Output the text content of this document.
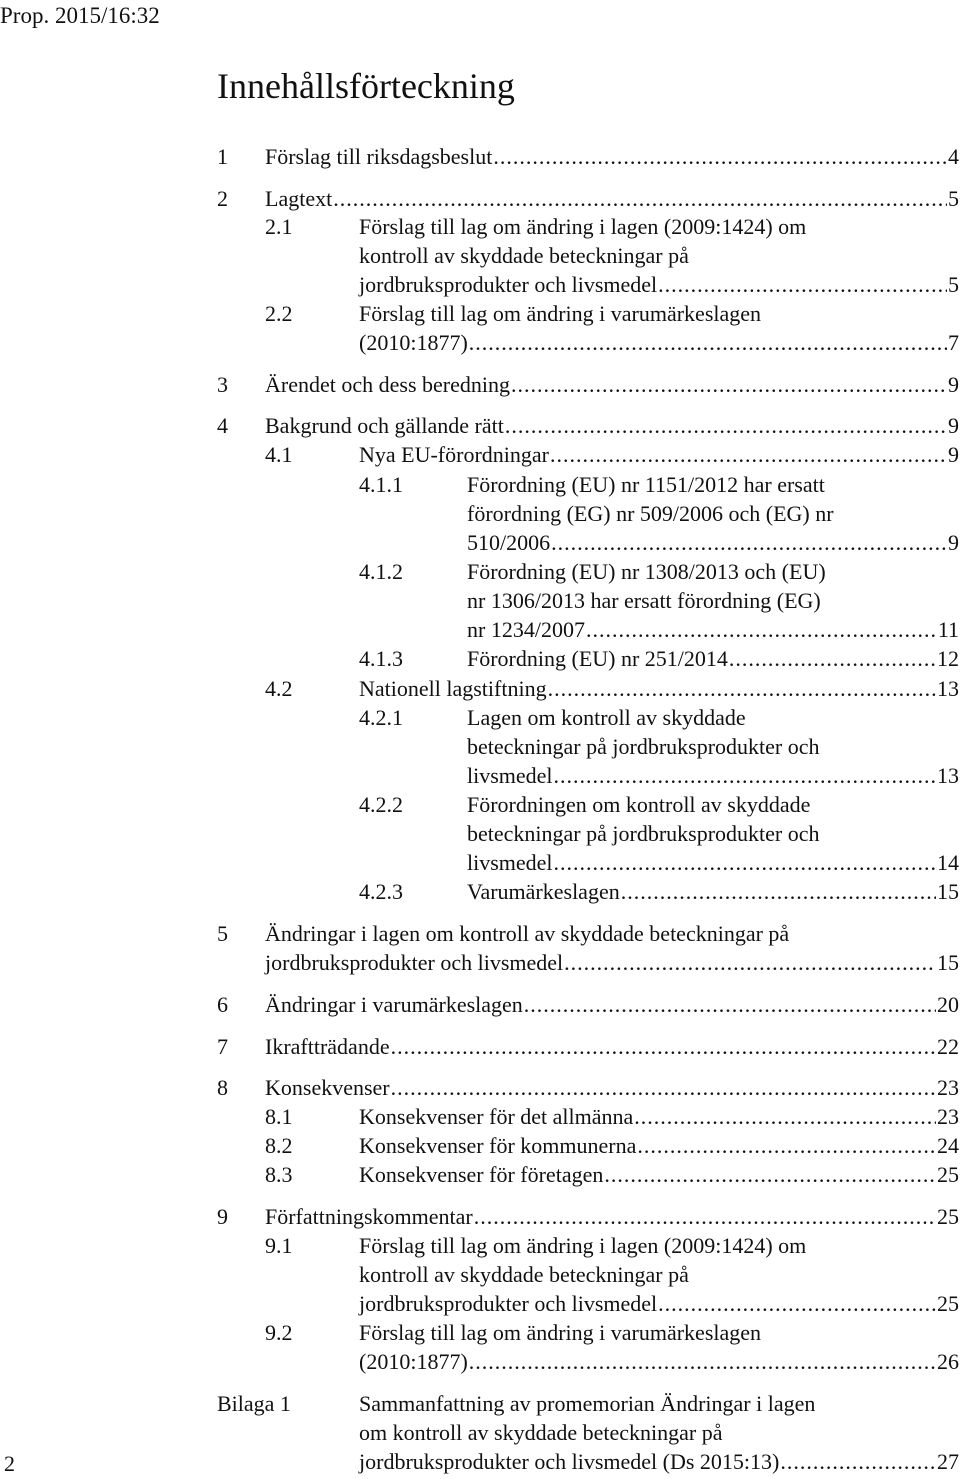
Prop. 2015/16:32
Innehållsförteckning
1 Förslag till riksdagsbeslut .....	4
2 Lagtext .....	5
2.1	Förslag till lag om ändring i lagen (2009:1424) om
kontroll av skyddade beteckningar på
jordbruksprodukter och livsmedel .....	5
2.2	Förslag till lag om ändring i varumärkeslagen
(2010:1877) .....	7
3 Ärendet och dess beredning .....	9
4 Bakgrund och gällande rätt .....	9
4.1	Nya EU-förordningar .....	9
4.1.1	Förordning (EU) nr 1151/2012 har ersatt
förordning (EG) nr 509/2006 och (EG) nr
510/2006 .....	9
4.1.2	Förordning (EU) nr 1308/2013 och (EU)
nr 1306/2013 har ersatt förordning (EG)
nr 1234/2007 .....	11
4.1.3	Förordning (EU) nr 251/2014 .....	12
4.2	Nationell lagstiftning .....	13
4.2.1	Lagen om kontroll av skyddade
beteckningar på jordbruksprodukter och
livsmedel .....	13
4.2.2	Förordningen om kontroll av skyddade
beteckningar på jordbruksprodukter och
livsmedel .....	14
4.2.3	Varumärkeslagen .....	15
5 Ändringar i lagen om kontroll av skyddade beteckningar på
jordbruksprodukter och livsmedel .....	15
6 Ändringar i varumärkeslagen .....	20
7 Ikraftträdande .....	22
8 Konsekvenser .....	23
8.1	Konsekvenser för det allmänna .....	23
8.2	Konsekvenser för kommunerna .....	24
8.3	Konsekvenser för företagen .....	25
9 Författningskommentar .....	25
9.1	Förslag till lag om ändring i lagen (2009:1424) om
kontroll av skyddade beteckningar på
jordbruksprodukter och livsmedel .....	25
9.2	Förslag till lag om ändring i varumärkeslagen
(2010:1877) .....	26
Bilaga 1	Sammanfattning av promemorian Ändringar i lagen
om kontroll av skyddade beteckningar på
jordbruksprodukter och livsmedel (Ds 2015:13) .....	27
2
